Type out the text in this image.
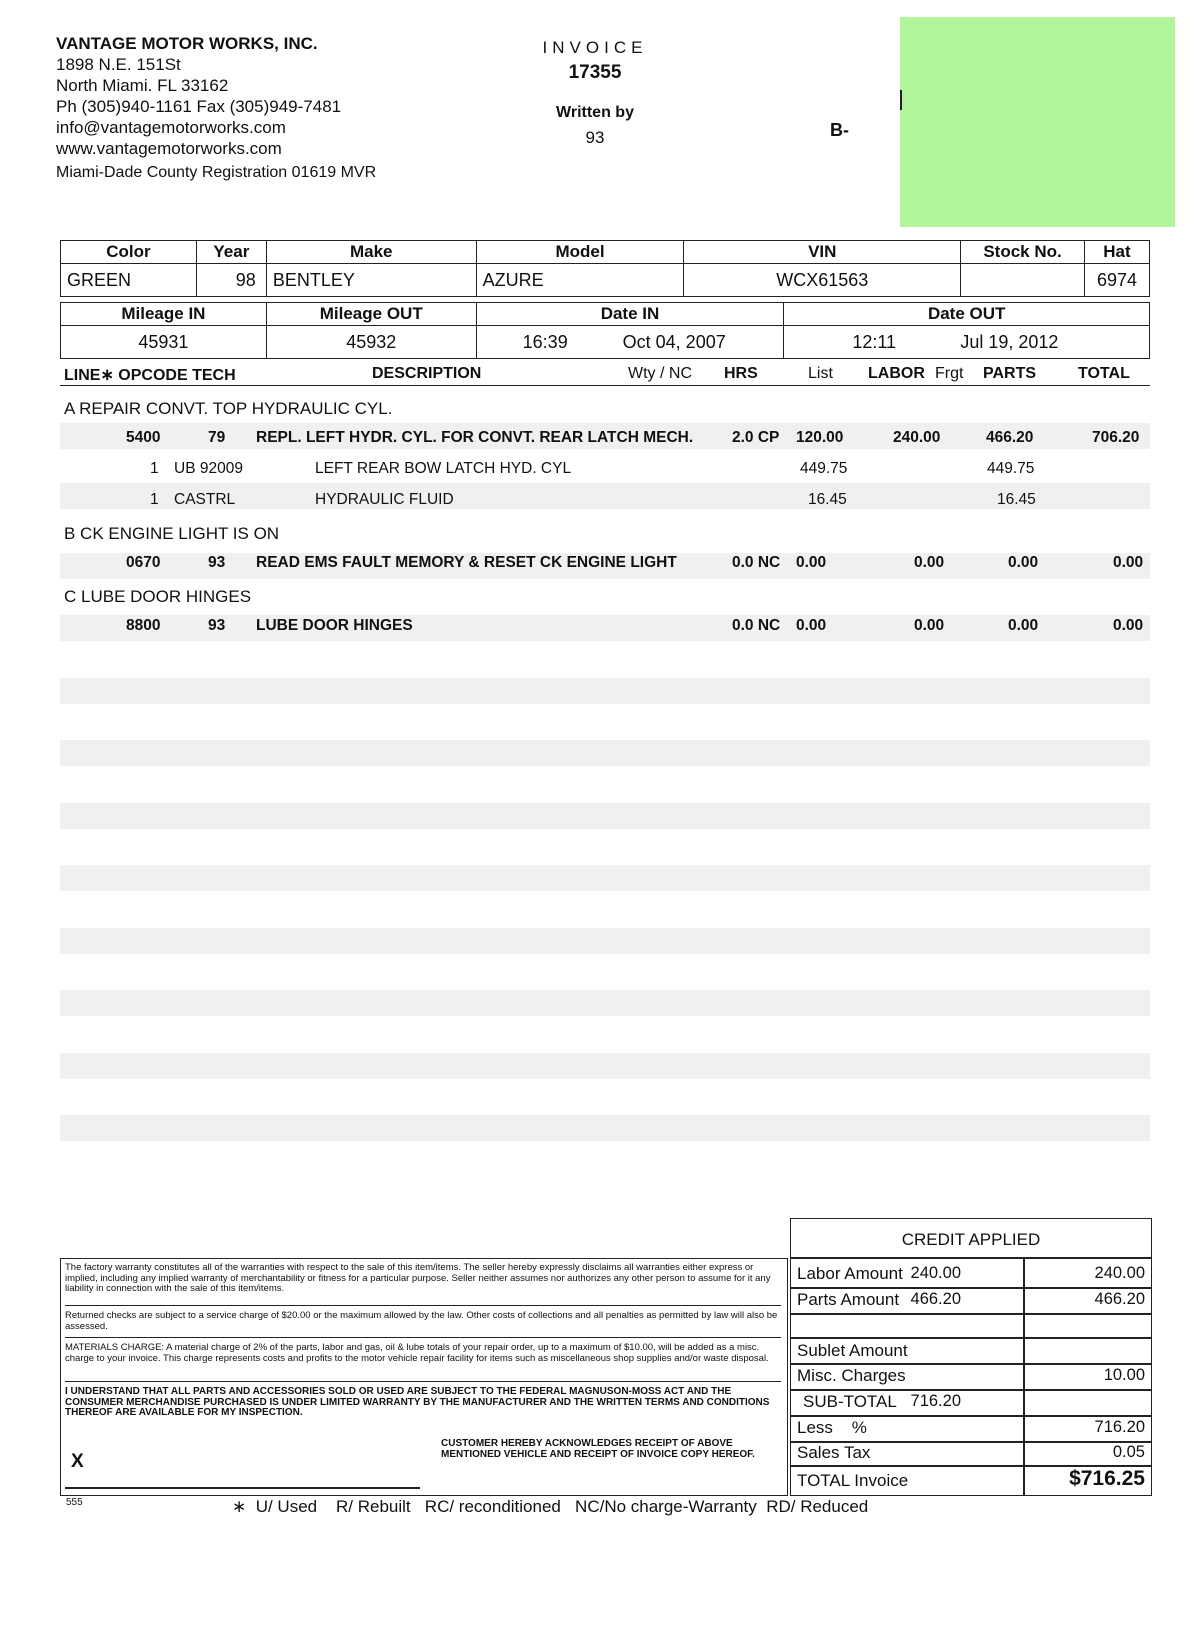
VANTAGE MOTOR WORKS, INC.
1898 N.E. 151St
North Miami. FL 33162
Ph (305)940-1161 Fax (305)949-7481
info@vantagemotorworks.com
www.vantagemotorworks.com
Miami-Dade County Registration 01619 MVR
INVOICE
17355
Written by
93	B-
Color	Year	Make	Model	VIN	Stock No.	Hat
GREEN	98	BENTLEY	AZURE	WCX61563		6974
Mileage IN	Mileage OUT	Date IN	Date OUT
45931	45932	16:39 Oct 04, 2007	12:11 Jul 19, 2012
LINE∗ OPCODE TECH	DESCRIPTION	Wty / NC HRS	List LABOR Frgt PARTS	TOTAL
A REPAIR CONVT. TOP HYDRAULIC CYL.
5400	79 REPL. LEFT HYDR. CYL. FOR CONVT. REAR LATCH MECH.	2.0 CP 120.00	240.00	466.20	706.20
1 UB 92009	LEFT REAR BOW LATCH HYD. CYL	449.75	449.75
1 CASTRL	HYDRAULIC FLUID	16.45	16.45
B CK ENGINE LIGHT IS ON
0670	93 READ EMS FAULT MEMORY & RESET CK ENGINE LIGHT	0.0 NC 0.00	0.00	0.00	0.00
C LUBE DOOR HINGES
8800	93 LUBE DOOR HINGES	0.0 NC 0.00	0.00	0.00	0.00
The factory warranty constitutes all of the warranties with respect to the sale of this item/items. The seller hereby expressly disclaims all warranties either express or implied, including any implied warranty of merchantability or fitness for a particular purpose. Seller neither assumes nor authorizes any other person to assume for it any liability in connection with the sale of this item/items.
Returned checks are subject to a service charge of $20.00 or the maximum allowed by the law. Other costs of collections and all penalties as permitted by law will also be assessed.
MATERIALS CHARGE: A material charge of 2% of the parts, labor and gas, oil & lube totals of your repair order, up to a maximum of $10.00, will be added as a misc. charge to your invoice. This charge represents costs and profits to the motor vehicle repair facility for items such as miscellaneous shop supplies and/or waste disposal.
I UNDERSTAND THAT ALL PARTS AND ACCESSORIES SOLD OR USED ARE SUBJECT TO THE FEDERAL MAGNUSON-MOSS ACT AND THE CONSUMER MERCHANDISE PURCHASED IS UNDER LIMITED WARRANTY BY THE MANUFACTURER AND THE WRITTEN TERMS AND CONDITIONS THEREOF ARE AVAILABLE FOR MY INSPECTION.
CUSTOMER HEREBY ACKNOWLEDGES RECEIPT OF ABOVE MENTIONED VEHICLE AND RECEIPT OF INVOICE COPY HEREOF.
X
CREDIT APPLIED
Labor Amount 240.00	240.00
Parts Amount 466.20	466.20
Sublet Amount
Misc. Charges	10.00
SUB-TOTAL 716.20
Less    %	716.20
Sales Tax	0.05
TOTAL Invoice	$716.25
555	∗  U/ Used    R/ Rebuilt   RC/ reconditioned   NC/No charge-Warranty  RD/ Reduced
